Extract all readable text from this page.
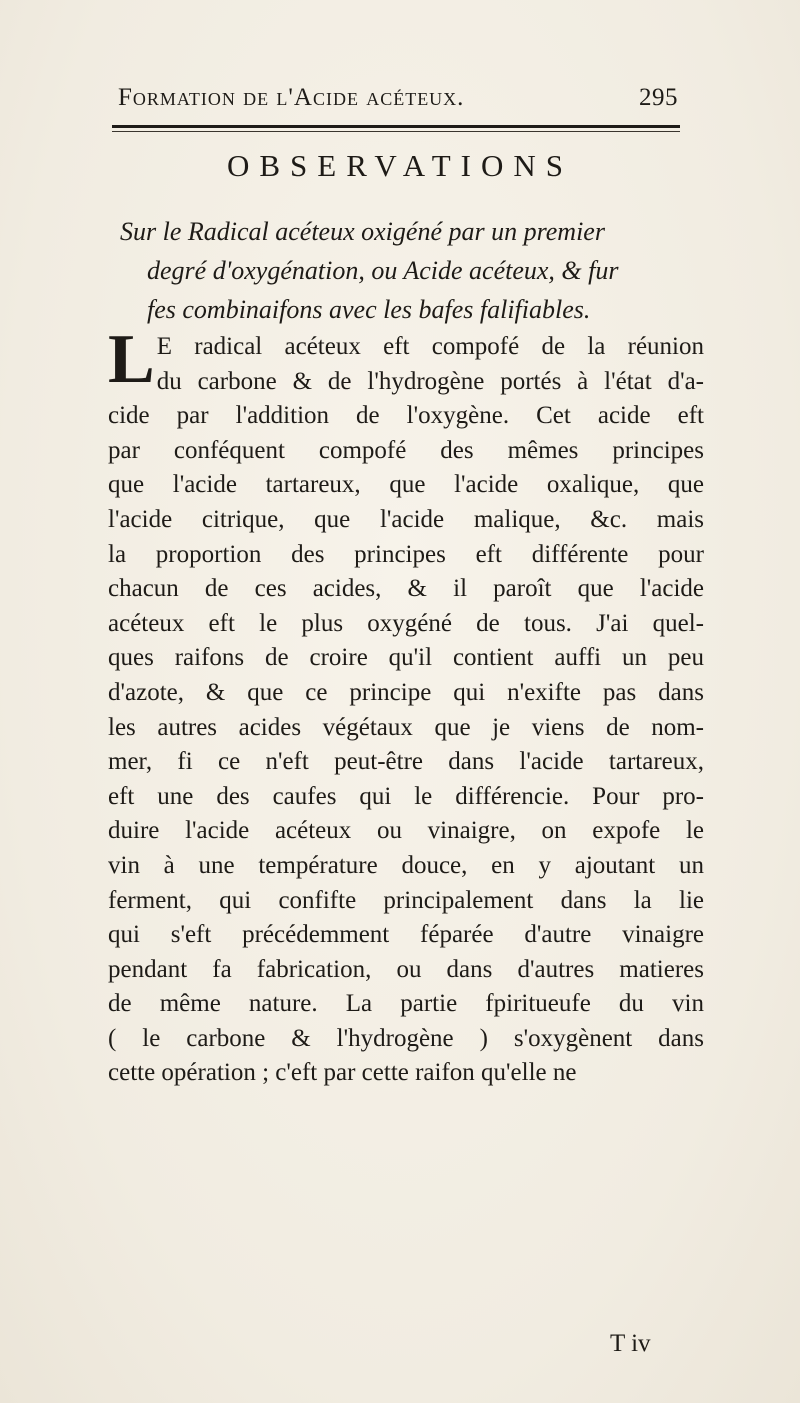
Formation de l'Acide acéteux.	295
OBSERVATIONS
Sur le Radical acéteux oxigéné par un premier
degré d'oxygénation, ou Acide acéteux, & fur
fes combinaifons avec les bafes falifiables.
L E radical acéteux eft compofé de la réunion
du carbone & de l'hydrogène portés à l'état d'a-
cide par l'addition de l'oxygène. Cet acide eft
par conféquent compofé des mêmes principes
que l'acide tartareux, que l'acide oxalique, que
l'acide citrique, que l'acide malique, &c. mais
la proportion des principes eft différente pour
chacun de ces acides, & il paroît que l'acide
acéteux eft le plus oxygéné de tous. J'ai quel-
ques raifons de croire qu'il contient auffi un peu
d'azote, & que ce principe qui n'exifte pas dans
les autres acides végétaux que je viens de nom-
mer, fi ce n'eft peut-être dans l'acide tartareux,
eft une des caufes qui le différencie. Pour pro-
duire l'acide acéteux ou vinaigre, on expofe le
vin à une température douce, en y ajoutant un
ferment, qui confifte principalement dans la lie
qui s'eft précédemment féparée d'autre vinaigre
pendant fa fabrication, ou dans d'autres matieres
de même nature. La partie fpiritueufe du vin
( le carbone & l'hydrogène ) s'oxygènent dans
cette opération ; c'eft par cette raifon qu'elle ne
T iv
